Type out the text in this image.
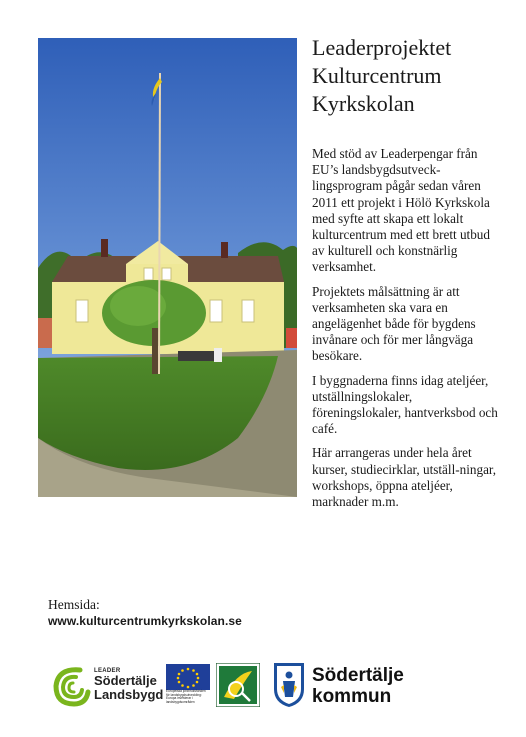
Leaderprojektet
Kulturcentrum
Kyrkskolan

Med stöd av Leaderpengar från EU’s landsbygdsutveck-lingsprogram pågår sedan våren 2011 ett projekt i Hölö Kyrkskola med syfte att skapa ett lokalt kulturcentrum med ett brett utbud av kulturell och konstnärlig verksamhet.

Projektets målsättning är att verksamheten ska vara en angelägenhet både för bygdens invånare och för mer långväga besökare.

I byggnaderna finns idag ateljéer, utställningslokaler, föreningslokaler, hantverksbod och café.

Här arrangeras under hela året kurser, studiecirklar, utställ-ningar, workshops, öppna ateljéer, marknader m.m.

Hemsida:
www.kulturcentrumkyrkskolan.se
LEADER
Södertälje
Landsbygd Europeiska jordbruksfonden för landsbygdsutveckling: Europa investerar i landsbygdsområden
Södertälje
kommun
